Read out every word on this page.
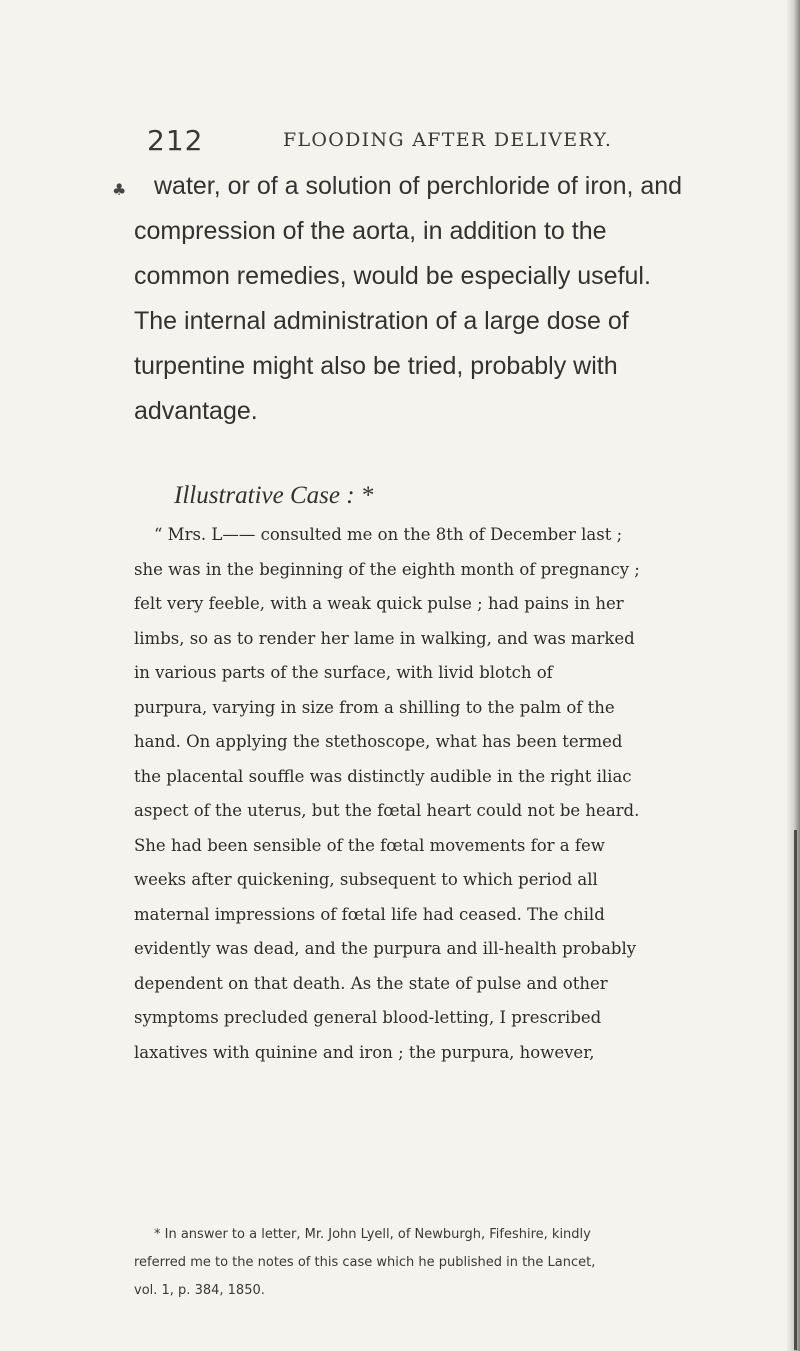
212	FLOODING AFTER DELIVERY.
♣	water, or of a solution of perchloride of iron, and

compression of the aorta, in addition to the

common remedies, would be especially useful.

The internal administration of a large dose of

turpentine might also be tried, probably with

advantage.

Illustrative Case : *

“ Mrs. L—— consulted me on the 8th of December last ;

she was in the beginning of the eighth month of pregnancy ;

felt very feeble, with a weak quick pulse ; had pains in her

limbs, so as to render her lame in walking, and was marked

in various parts of the surface, with livid blotch of

purpura, varying in size from a shilling to the palm of the

hand. On applying the stethoscope, what has been termed

the placental souffle was distinctly audible in the right iliac

aspect of the uterus, but the fœtal heart could not be heard.

She had been sensible of the fœtal movements for a few

weeks after quickening, subsequent to which period all

maternal impressions of fœtal life had ceased. The child

evidently was dead, and the purpura and ill-health probably

dependent on that death. As the state of pulse and other

symptoms precluded general blood-letting, I prescribed

laxatives with quinine and iron ; the purpura, however,

* In answer to a letter, Mr. John Lyell, of Newburgh, Fifeshire, kindly

referred me to the notes of this case which he published in the Lancet,

vol. 1, p. 384, 1850.
